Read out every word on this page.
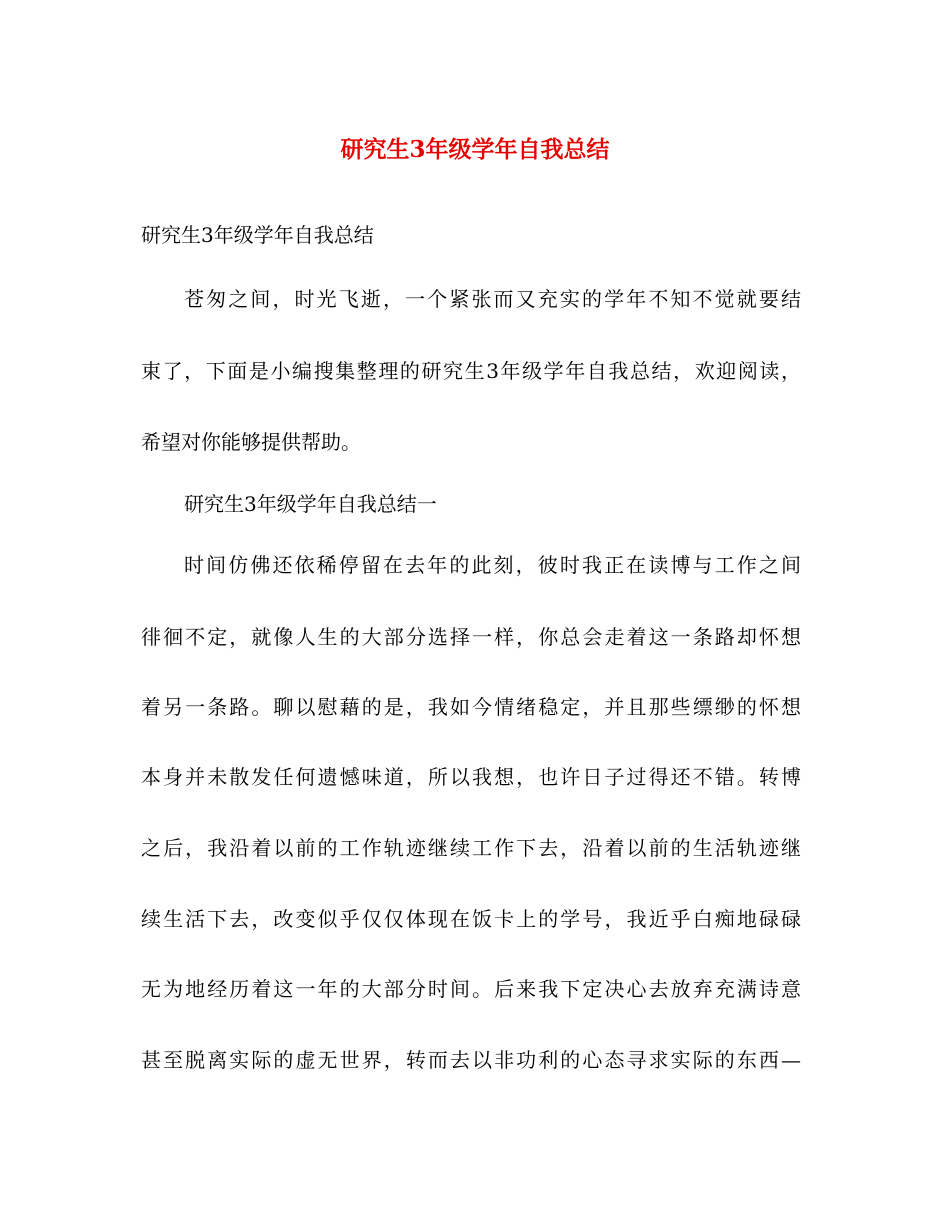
研究生3年级学年自我总结

研究生3年级学年自我总结

苍匆之间，时光飞逝，一个紧张而又充实的学年不知不觉就要结

束了，下面是小编搜集整理的研究生3年级学年自我总结，欢迎阅读，

希望对你能够提供帮助。

研究生3年级学年自我总结一

时间仿佛还依稀停留在去年的此刻，彼时我正在读博与工作之间

徘徊不定，就像人生的大部分选择一样，你总会走着这一条路却怀想

着另一条路。聊以慰藉的是，我如今情绪稳定，并且那些缥缈的怀想

本身并未散发任何遗憾味道，所以我想，也许日子过得还不错。转博

之后，我沿着以前的工作轨迹继续工作下去，沿着以前的生活轨迹继

续生活下去，改变似乎仅仅体现在饭卡上的学号，我近乎白痴地碌碌

无为地经历着这一年的大部分时间。后来我下定决心去放弃充满诗意

甚至脱离实际的虚无世界，转而去以非功利的心态寻求实际的东西—
